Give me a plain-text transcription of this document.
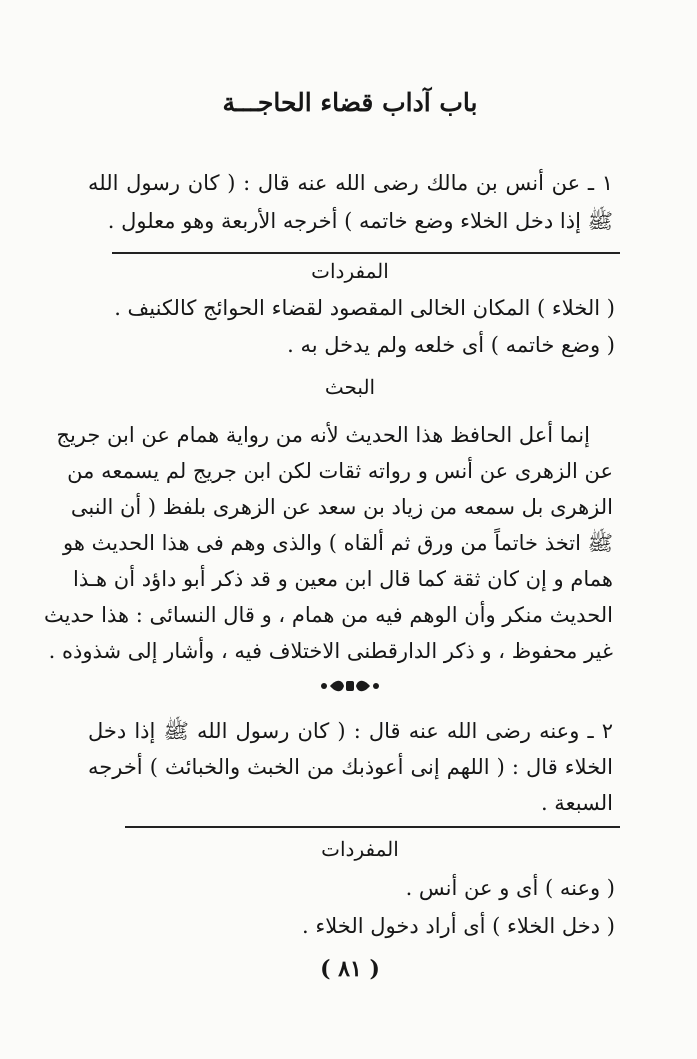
باب آداب قضاء الحاجـــة
١ ـ عن أنس بن مالك رضى الله عنه قال : ( كان رسول الله
ﷺ إذا دخل الخلاء وضع خاتمه ) أخرجه الأربعة وهو معلول .
المفردات
( الخلاء ) المكان الخالى المقصود لقضاء الحوائج كالكنيف .
( وضع خاتمه ) أى خلعه ولم يدخل به .
البحث
إنما أعل الحافظ هذا الحديث لأنه من رواية همام عن ابن جريج
عن الزهرى عن أنس و رواته ثقات لكن ابن جريج لم يسمعه من
الزهرى بل سمعه من زياد بن سعد عن الزهرى بلفظ ( أن النبى
ﷺ اتخذ خاتماً من ورق ثم ألقاه ) والذى وهم فى هذا الحديث هو
همام و إن كان ثقة كما قال ابن معين و قد ذكر أبو داؤد أن هـذا
الحديث منكر وأن الوهم فيه من همام ، و قال النسائى : هذا حديث
غير محفوظ ، و ذكر الدارقطنى الاختلاف فيه ، وأشار إلى شذوذه .
٢ ـ وعنه رضى الله عنه قال : ( كان رسول الله ﷺ إذا دخل
الخلاء قال : ( اللهم إنى أعوذبك من الخبث والخبائث ) أخرجه
السبعة .
المفردات
( وعنه ) أى و عن أنس .
( دخل الخلاء ) أى أراد دخول الخلاء .
( ٨١ )
